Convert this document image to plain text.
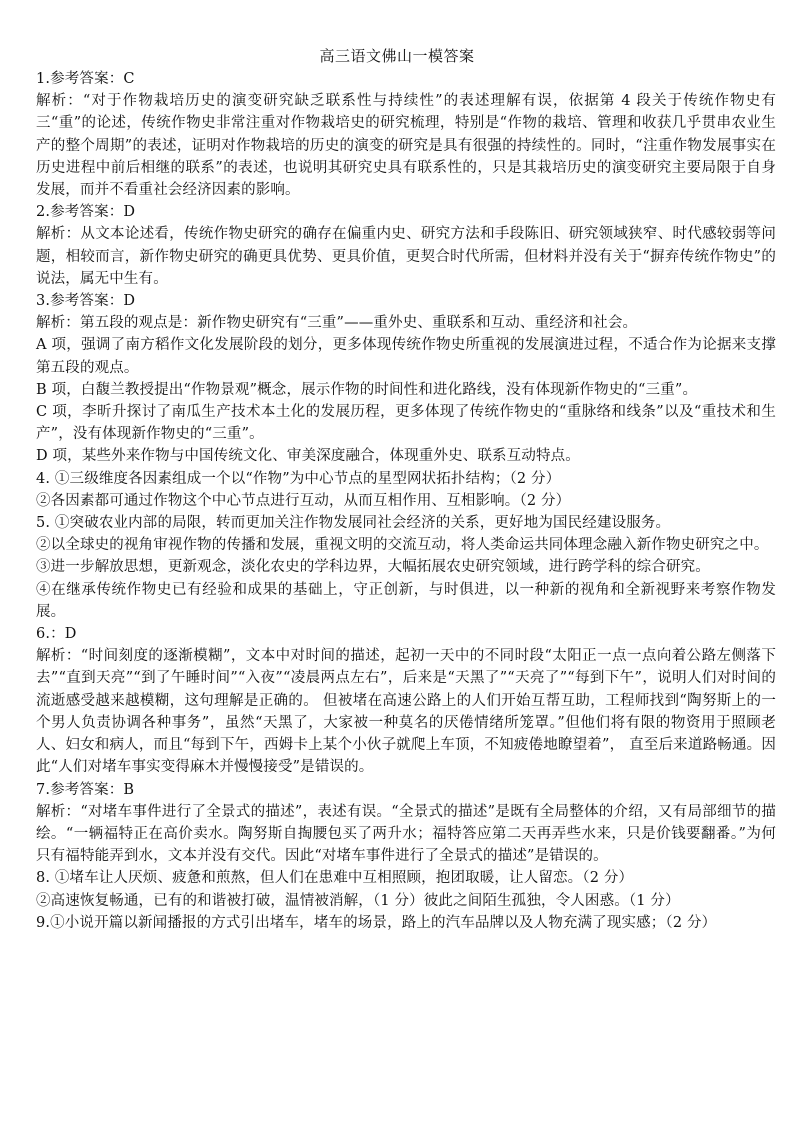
高三语文佛山一模答案

1.参考答案：C

解析：“对于作物栽培历史的演变研究缺乏联系性与持续性”的表述理解有误，依据第 4 段关于传统作物史有三“重”的论述，传统作物史非常注重对作物栽培史的研究梳理，特别是“作物的栽培、管理和收获几乎贯串农业生产的整个周期”的表述，证明对作物栽培的历史的演变的研究是具有很强的持续性的。同时，“注重作物发展事实在历史进程中前后相继的联系”的表述，也说明其研究史具有联系性的，只是其栽培历史的演变研究主要局限于自身发展，而并不看重社会经济因素的影响。

2.参考答案：D

解析：从文本论述看，传统作物史研究的确存在偏重内史、研究方法和手段陈旧、研究领域狭窄、时代感较弱等问题，相较而言，新作物史研究的确更具优势、更具价值，更契合时代所需，但材料并没有关于“摒弃传统作物史”的说法，属无中生有。

3.参考答案：D

解析：第五段的观点是：新作物史研究有“三重”——重外史、重联系和互动、重经济和社会。

A 项，强调了南方稻作文化发展阶段的划分，更多体现传统作物史所重视的发展演进过程，不适合作为论据来支撑第五段的观点。

B 项，白馥兰教授提出“作物景观”概念，展示作物的时间性和进化路线，没有体现新作物史的“三重”。

C 项，李昕升探讨了南瓜生产技术本土化的发展历程，更多体现了传统作物史的“重脉络和线条”以及“重技术和生产”，没有体现新作物史的“三重”。

D 项，某些外来作物与中国传统文化、审美深度融合，体现重外史、联系互动特点。

4. ①三级维度各因素组成一个以“作物”为中心节点的星型网状拓扑结构；（2 分）

②各因素都可通过作物这个中心节点进行互动，从而互相作用、互相影响。（2 分）

5. ①突破农业内部的局限，转而更加关注作物发展同社会经济的关系，更好地为国民经建设服务。

②以全球史的视角审视作物的传播和发展，重视文明的交流互动，将人类命运共同体理念融入新作物史研究之中。

③进一步解放思想，更新观念，淡化农史的学科边界，大幅拓展农史研究领域，进行跨学科的综合研究。

④在继承传统作物史已有经验和成果的基础上，守正创新，与时俱进，以一种新的视角和全新视野来考察作物发展。

6.：D

解析：“时间刻度的逐渐模糊”，文本中对时间的描述，起初一天中的不同时段“太阳正一点一点向着公路左侧落下去”“直到天亮”“到了午睡时间”“入夜”“凌晨两点左右”，后来是“天黑了”“天亮了”“每到下午”，说明人们对时间的流逝感受越来越模糊，这句理解是正确的。 但被堵在高速公路上的人们开始互帮互助，工程师找到“陶努斯上的一个男人负责协调各种事务”，虽然“天黑了，大家被一种莫名的厌倦情绪所笼罩。”但他们将有限的物资用于照顾老人、妇女和病人，而且“每到下午，西姆卡上某个小伙子就爬上车顶，不知疲倦地瞭望着”， 直至后来道路畅通。因此“人们对堵车事实变得麻木并慢慢接受”是错误的。

7.参考答案：B

解析：“对堵车事件进行了全景式的描述”，表述有误。“全景式的描述”是既有全局整体的介绍，又有局部细节的描绘。“一辆福特正在高价卖水。陶努斯自掏腰包买了两升水；福特答应第二天再弄些水来，只是价钱要翻番。”为何只有福特能弄到水，文本并没有交代。因此“对堵车事件进行了全景式的描述”是错误的。

8. ①堵车让人厌烦、疲惫和煎熬，但人们在患难中互相照顾，抱团取暖，让人留恋。（2 分）

②高速恢复畅通，已有的和谐被打破，温情被消解，（1 分）彼此之间陌生孤独，令人困惑。（1 分）

9.①小说开篇以新闻播报的方式引出堵车，堵车的场景，路上的汽车品牌以及人物充满了现实感；（2 分）
